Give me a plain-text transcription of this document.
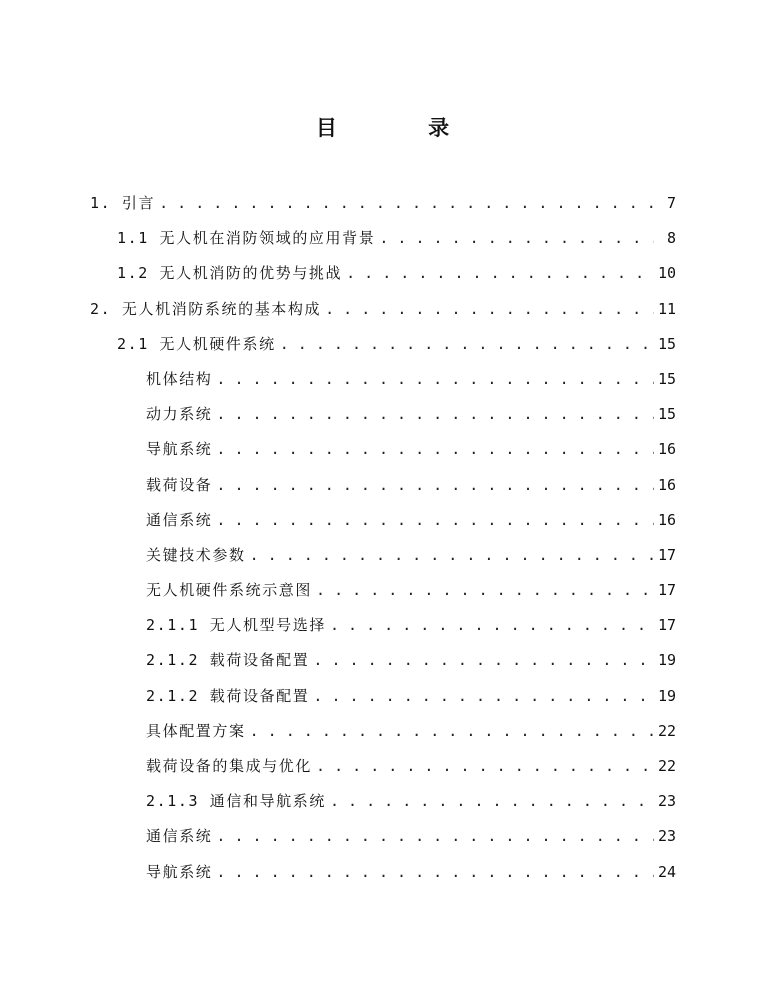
目 录
1. 引言 . . .	7
1.1 无人机在消防领域的应用背景 . . .	8
1.2 无人机消防的优势与挑战 . . .	10
2. 无人机消防系统的基本构成 . . .	11
2.1 无人机硬件系统 . . .	15
机体结构 . . .	15
动力系统 . . .	15
导航系统 . . .	16
载荷设备 . . .	16
通信系统 . . .	16
关键技术参数 . . .	17
无人机硬件系统示意图 . . .	17
2.1.1 无人机型号选择 . . .	17
2.1.2 载荷设备配置 . . .	19
2.1.2 载荷设备配置 . . .	19
具体配置方案 . . .	22
载荷设备的集成与优化 . . .	22
2.1.3 通信和导航系统 . . .	23
通信系统 . . .	23
导航系统 . . .	24
